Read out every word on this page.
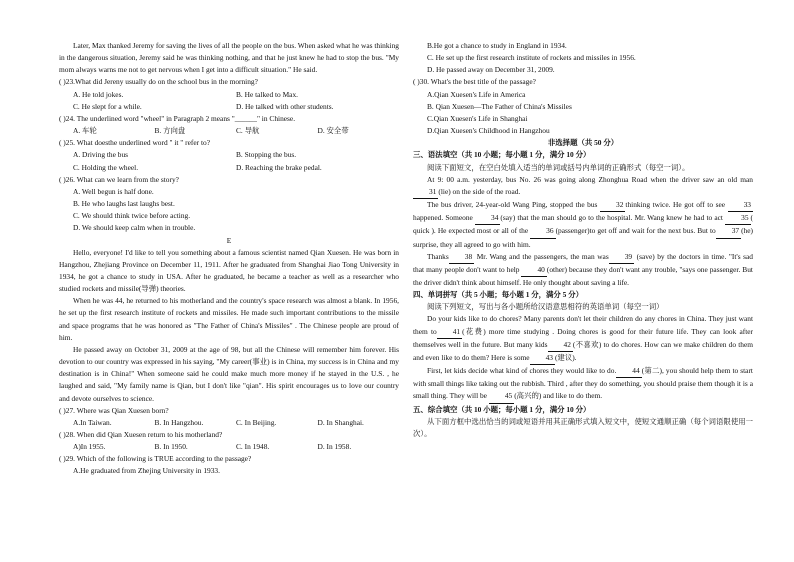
Later, Max thanked Jeremy for saving the lives of all the people on the bus. When asked what he was thinking in the dangerous situation, Jeremy said he was thinking nothing, and that he just knew he had to stop the bus. "My mom always warns me not to get nervous when I get into a difficult situation." He said.
( )23.What did Jereny usually do on the school bus in the morning?
A. He told jokes.	B. He talked to Max.
C. He slept for a while.	D. He talked with other students.
( )24. The underlined word "wheel" in Paragraph 2 means "______" in Chinese.
A. 车轮	B. 方向盘	C. 导航	D. 安全带
( )25. What doesthe underlined word " it " refer to?
A. Driving the bus	B. Stopping the bus.
C. Holding the wheel.	D. Reaching the brake pedal.
( )26. What can we learn from the story?
A. Well begun is half done.
B. He who laughs last laughs best.
C. We should think twice before acting.
D. We should keep calm when in trouble.
E
Hello, everyone! I'd like to tell you something about a famous scientist named Qian Xuesen. He was born in Hangzhou, Zhejiang Province on December 11, 1911. After he graduated from Shanghai Jiao Tong University in 1934, he got a chance to study in USA. After he graduated, he became a teacher as well as a researcher who studied rockets and missile(导弹) theories.
When he was 44, he returned to his motherland and the country's space research was almost a blank. In 1956, he set up the first research institute of rockets and missiles. He made such important contributions to the missile and space programs that he was honored as "The Father of China's Missiles" . The Chinese people are proud of him.
He passed away on October 31, 2009 at the age of 98, but all the Chinese will remember him forever. His devotion to our country was expressed in his saying, "My career(事业) is in China, my success is in China and my destination is in China!" When someone said he could make much more money if he stayed in the U.S. , he laughed and said, "My family name is Qian, but I don't like "qian". His spirit encourages us to love our country and devote ourselves to science.
( )27. Where was Qian Xuesen born?
A.In Taiwan.	B. In Hangzhou.	C. In Beijing.	D. In Shanghai.
( )28. When did Qian Xuesen return to his motherland?
A)In 1955.	B. In 1950.	C. In 1948.	D. In 1958.
( )29. Which of the following is TRUE according to the passage?
A.He graduated from Zhejing University in 1933.
B.He got a chance to study in England in 1934.
C. He set up the first research institute of rockets and missiles in 1956.
D. He passed away on December 31, 2009.
( )30. What's the best title of the passage?
A.Qian Xuesen's Life in America
B. Qian Xuesen—The Father of China's Missiles
C.Qian Xuesen's Life in Shanghai
D.Qian Xuesen's Childhood in Hangzhou
非选择题（共 50 分）
三、语法填空（共 10 小题；每小题 1 分，满分 10 分）
阅读下面短文，在空白处填入适当的单词或括号内单词的正确形式（每空一词）。
At 9: 00 a.m. yesterday, bus No. 26 was going along Zhonghua Road when the driver saw an old man 31 (lie) on the side of the road.
The bus driver, 24-year-old Wang Ping, stopped the bus 32 thinking twice. He got off to see 33happened. Someone 34 (say) that the man should go to the hospital. Mr. Wang knew he had to act 35 ( quick ). He expected most or all of the 36 (passenger)to get off and wait for the next bus. But to 37 (he) surprise, they all agreed to go with him.
Thanks 38 Mr. Wang and the passengers, the man was 39 (save) by the doctors in time. "It's sad that many people don't want to help 40 (other) because they don't want any trouble, "says one passenger. But the driver didn't think about himself. He only thought about saving a life.
四、单词拼写（共 5 小题；每小题 1 分，满分 5 分）
阅读下列短文，写出与各小题所给汉语意思相符的英语单词（每空一词）
Do your kids like to do chores? Many parents don't let their children do any chores in China. They just want them to 41 (花费) more time studying . Doing chores is good for their future life. They can look after themselves well in the future. But many kids 42 (不喜欢) to do chores. How can we make children do them and even like to do them? Here is some 43 (建议).
First, let kids decide what kind of chores they would like to do. 44 (第二), you should help them to start with small things like taking out the rubbish. Third , after they do something, you should praise them though it is a small thing. They will be 45 (高兴的) and like to do them.
五、综合填空（共 10 小题；每小题 1 分，满分 10 分）
从下面方框中选出恰当的词或短语并用其正确形式填入短文中，使短文通顺正确（每个词语限使用一次）。
